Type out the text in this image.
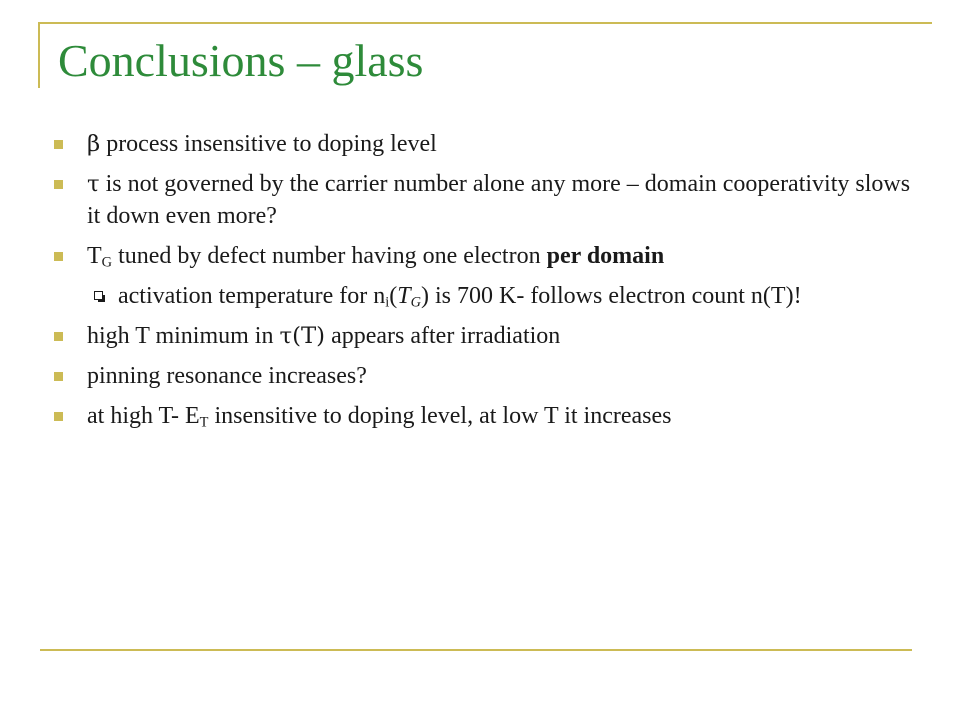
Conclusions – glass
β process insensitive to doping level
τ is not governed by the carrier number alone any more – domain cooperativity slows it down even more?
$T_G$ tuned by defect number having one electron per domain
activation temperature for $n_i(T_G)$ is 700 K- follows electron count n(T)!
high T minimum in τ(T) appears after irradiation
pinning resonance increases?
at high T- $E_T$ insensitive to doping level, at low T it increases
